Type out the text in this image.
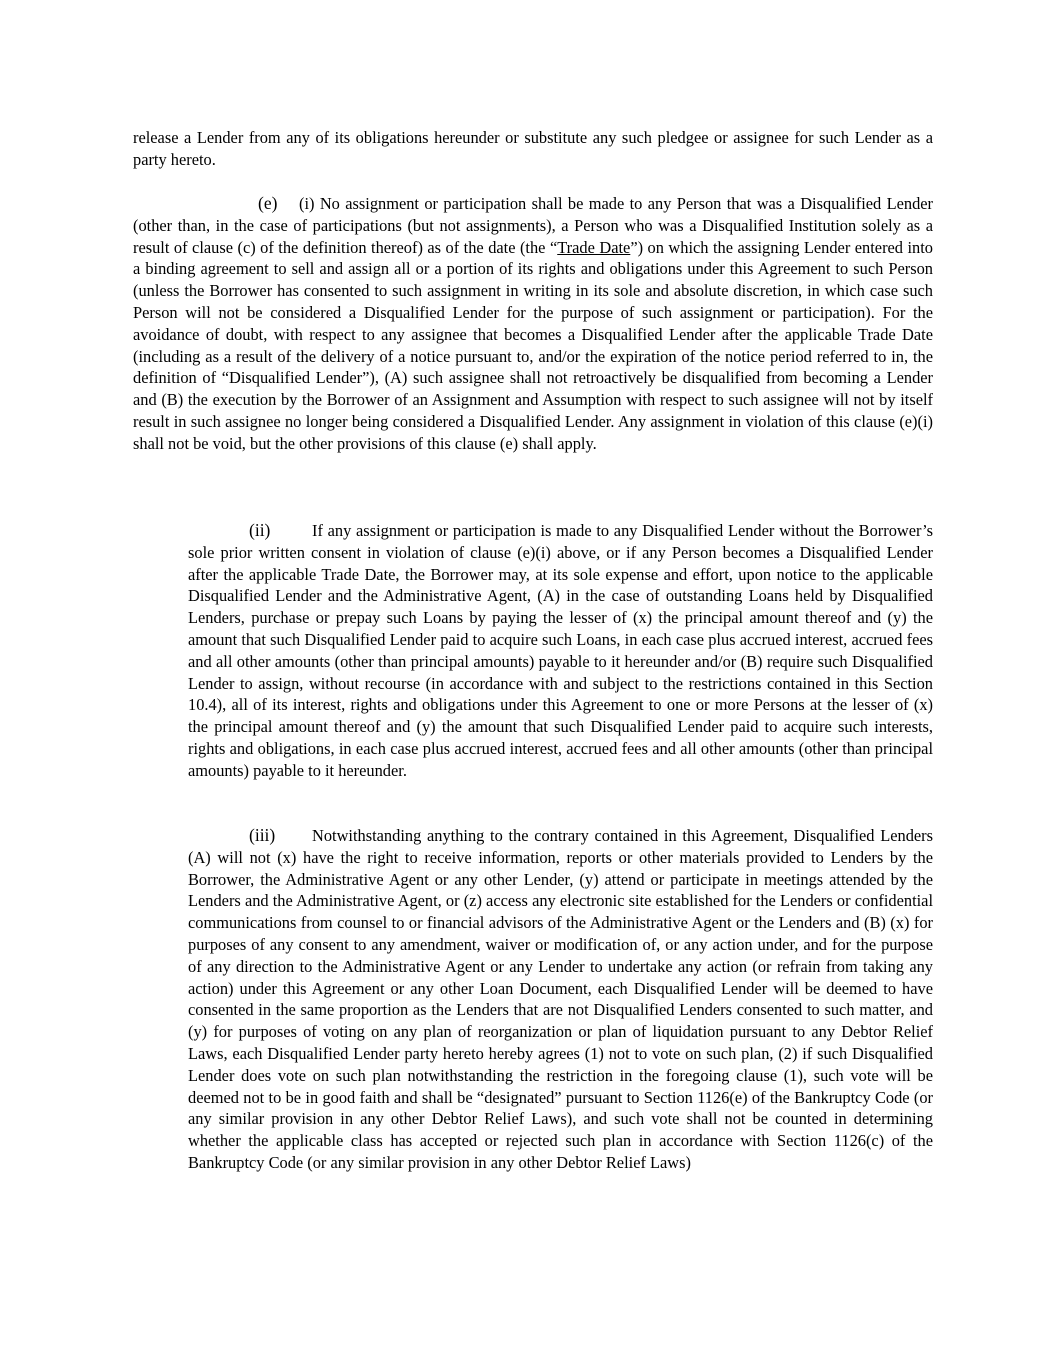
release a Lender from any of its obligations hereunder or substitute any such pledgee or assignee for such Lender as a party hereto.

(e) (i) No assignment or participation shall be made to any Person that was a Disqualified Lender (other than, in the case of participations (but not assignments), a Person who was a Disqualified Institution solely as a result of clause (c) of the definition thereof) as of the date (the “Trade Date”) on which the assigning Lender entered into a binding agreement to sell and assign all or a portion of its rights and obligations under this Agreement to such Person (unless the Borrower has consented to such assignment in writing in its sole and absolute discretion, in which case such Person will not be considered a Disqualified Lender for the purpose of such assignment or participation). For the avoidance of doubt, with respect to any assignee that becomes a Disqualified Lender after the applicable Trade Date (including as a result of the delivery of a notice pursuant to, and/or the expiration of the notice period referred to in, the definition of “Disqualified Lender”), (A) such assignee shall not retroactively be disqualified from becoming a Lender and (B) the execution by the Borrower of an Assignment and Assumption with respect to such assignee will not by itself result in such assignee no longer being considered a Disqualified Lender. Any assignment in violation of this clause (e)(i) shall not be void, but the other provisions of this clause (e) shall apply.

(ii)	If any assignment or participation is made to any Disqualified Lender without the Borrower’s sole prior written consent in violation of clause (e)(i) above, or if any Person becomes a Disqualified Lender after the applicable Trade Date, the Borrower may, at its sole expense and effort, upon notice to the applicable Disqualified Lender and the Administrative Agent, (A) in the case of outstanding Loans held by Disqualified Lenders, purchase or prepay such Loans by paying the lesser of (x) the principal amount thereof and (y) the amount that such Disqualified Lender paid to acquire such Loans, in each case plus accrued interest, accrued fees and all other amounts (other than principal amounts) payable to it hereunder and/or (B) require such Disqualified Lender to assign, without recourse (in accordance with and subject to the restrictions contained in this Section 10.4), all of its interest, rights and obligations under this Agreement to one or more Persons at the lesser of (x) the principal amount thereof and (y) the amount that such Disqualified Lender paid to acquire such interests, rights and obligations, in each case plus accrued interest, accrued fees and all other amounts (other than principal amounts) payable to it hereunder.

(iii) Notwithstanding anything to the contrary contained in this Agreement, Disqualified Lenders (A) will not (x) have the right to receive information, reports or other materials provided to Lenders by the Borrower, the Administrative Agent or any other Lender, (y) attend or participate in meetings attended by the Lenders and the Administrative Agent, or (z) access any electronic site established for the Lenders or confidential communications from counsel to or financial advisors of the Administrative Agent or the Lenders and (B) (x) for purposes of any consent to any amendment, waiver or modification of, or any action under, and for the purpose of any direction to the Administrative Agent or any Lender to undertake any action (or refrain from taking any action) under this Agreement or any other Loan Document, each Disqualified Lender will be deemed to have consented in the same proportion as the Lenders that are not Disqualified Lenders consented to such matter, and (y) for purposes of voting on any plan of reorganization or plan of liquidation pursuant to any Debtor Relief Laws, each Disqualified Lender party hereto hereby agrees (1) not to vote on such plan, (2) if such Disqualified Lender does vote on such plan notwithstanding the restriction in the foregoing clause (1), such vote will be deemed not to be in good faith and shall be “designated” pursuant to Section 1126(e) of the Bankruptcy Code (or any similar provision in any other Debtor Relief Laws), and such vote shall not be counted in determining whether the applicable class has accepted or rejected such plan in accordance with Section 1126(c) of the Bankruptcy Code (or any similar provision in any other Debtor Relief Laws)
